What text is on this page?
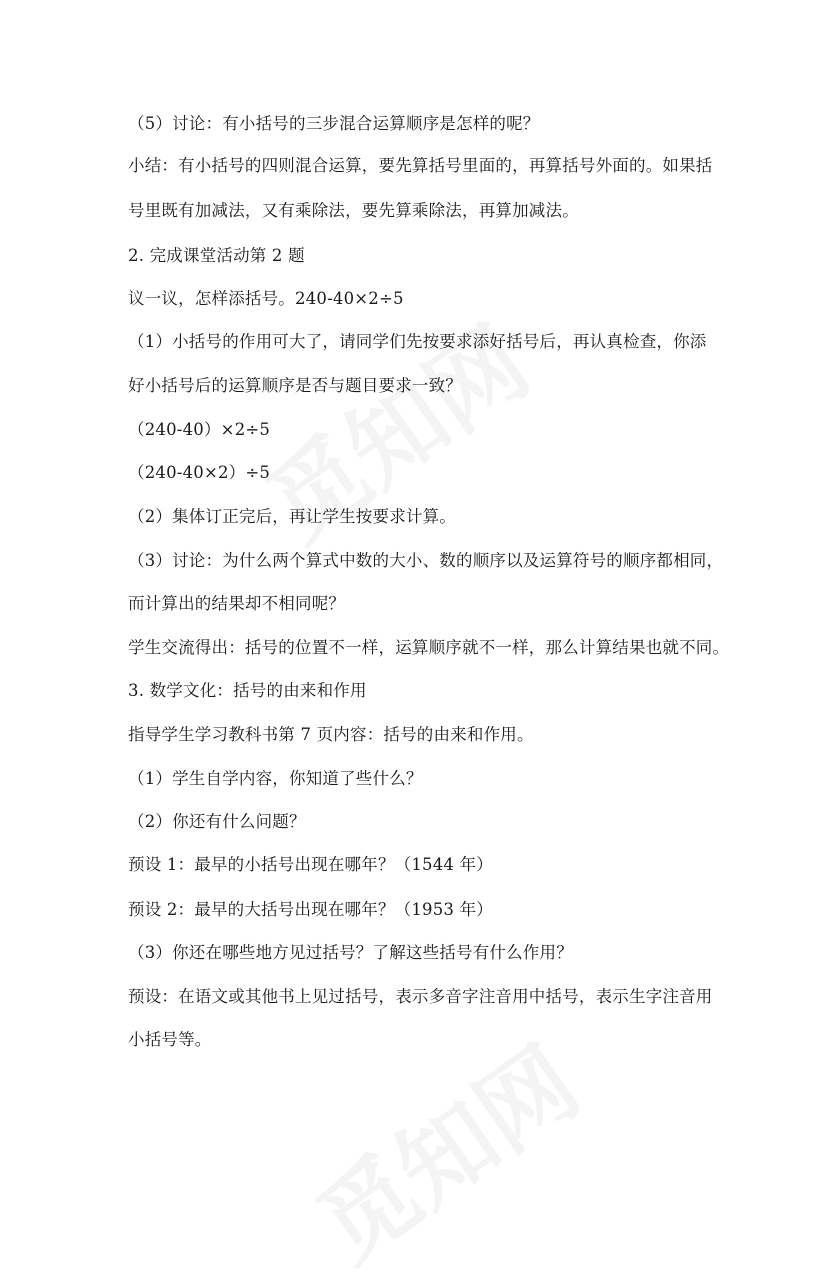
（5）讨论：有小括号的三步混合运算顺序是怎样的呢？
小结：有小括号的四则混合运算，要先算括号里面的，再算括号外面的。如果括
号里既有加减法，又有乘除法，要先算乘除法，再算加减法。
2. 完成课堂活动第 2 题
议一议，怎样添括号。240-40×2÷5
（1）小括号的作用可大了，请同学们先按要求添好括号后，再认真检查，你添
好小括号后的运算顺序是否与题目要求一致？
（240-40）×2÷5
（240-40×2）÷5
（2）集体订正完后，再让学生按要求计算。
（3）讨论：为什么两个算式中数的大小、数的顺序以及运算符号的顺序都相同，
而计算出的结果却不相同呢？
学生交流得出：括号的位置不一样，运算顺序就不一样，那么计算结果也就不同。
3. 数学文化：括号的由来和作用
指导学生学习教科书第 7 页内容：括号的由来和作用。
（1）学生自学内容，你知道了些什么？
（2）你还有什么问题？
预设 1：最早的小括号出现在哪年？（1544 年）
预设 2：最早的大括号出现在哪年？（1953 年）
（3）你还在哪些地方见过括号？了解这些括号有什么作用？
预设：在语文或其他书上见过括号，表示多音字注音用中括号，表示生字注音用
小括号等。
